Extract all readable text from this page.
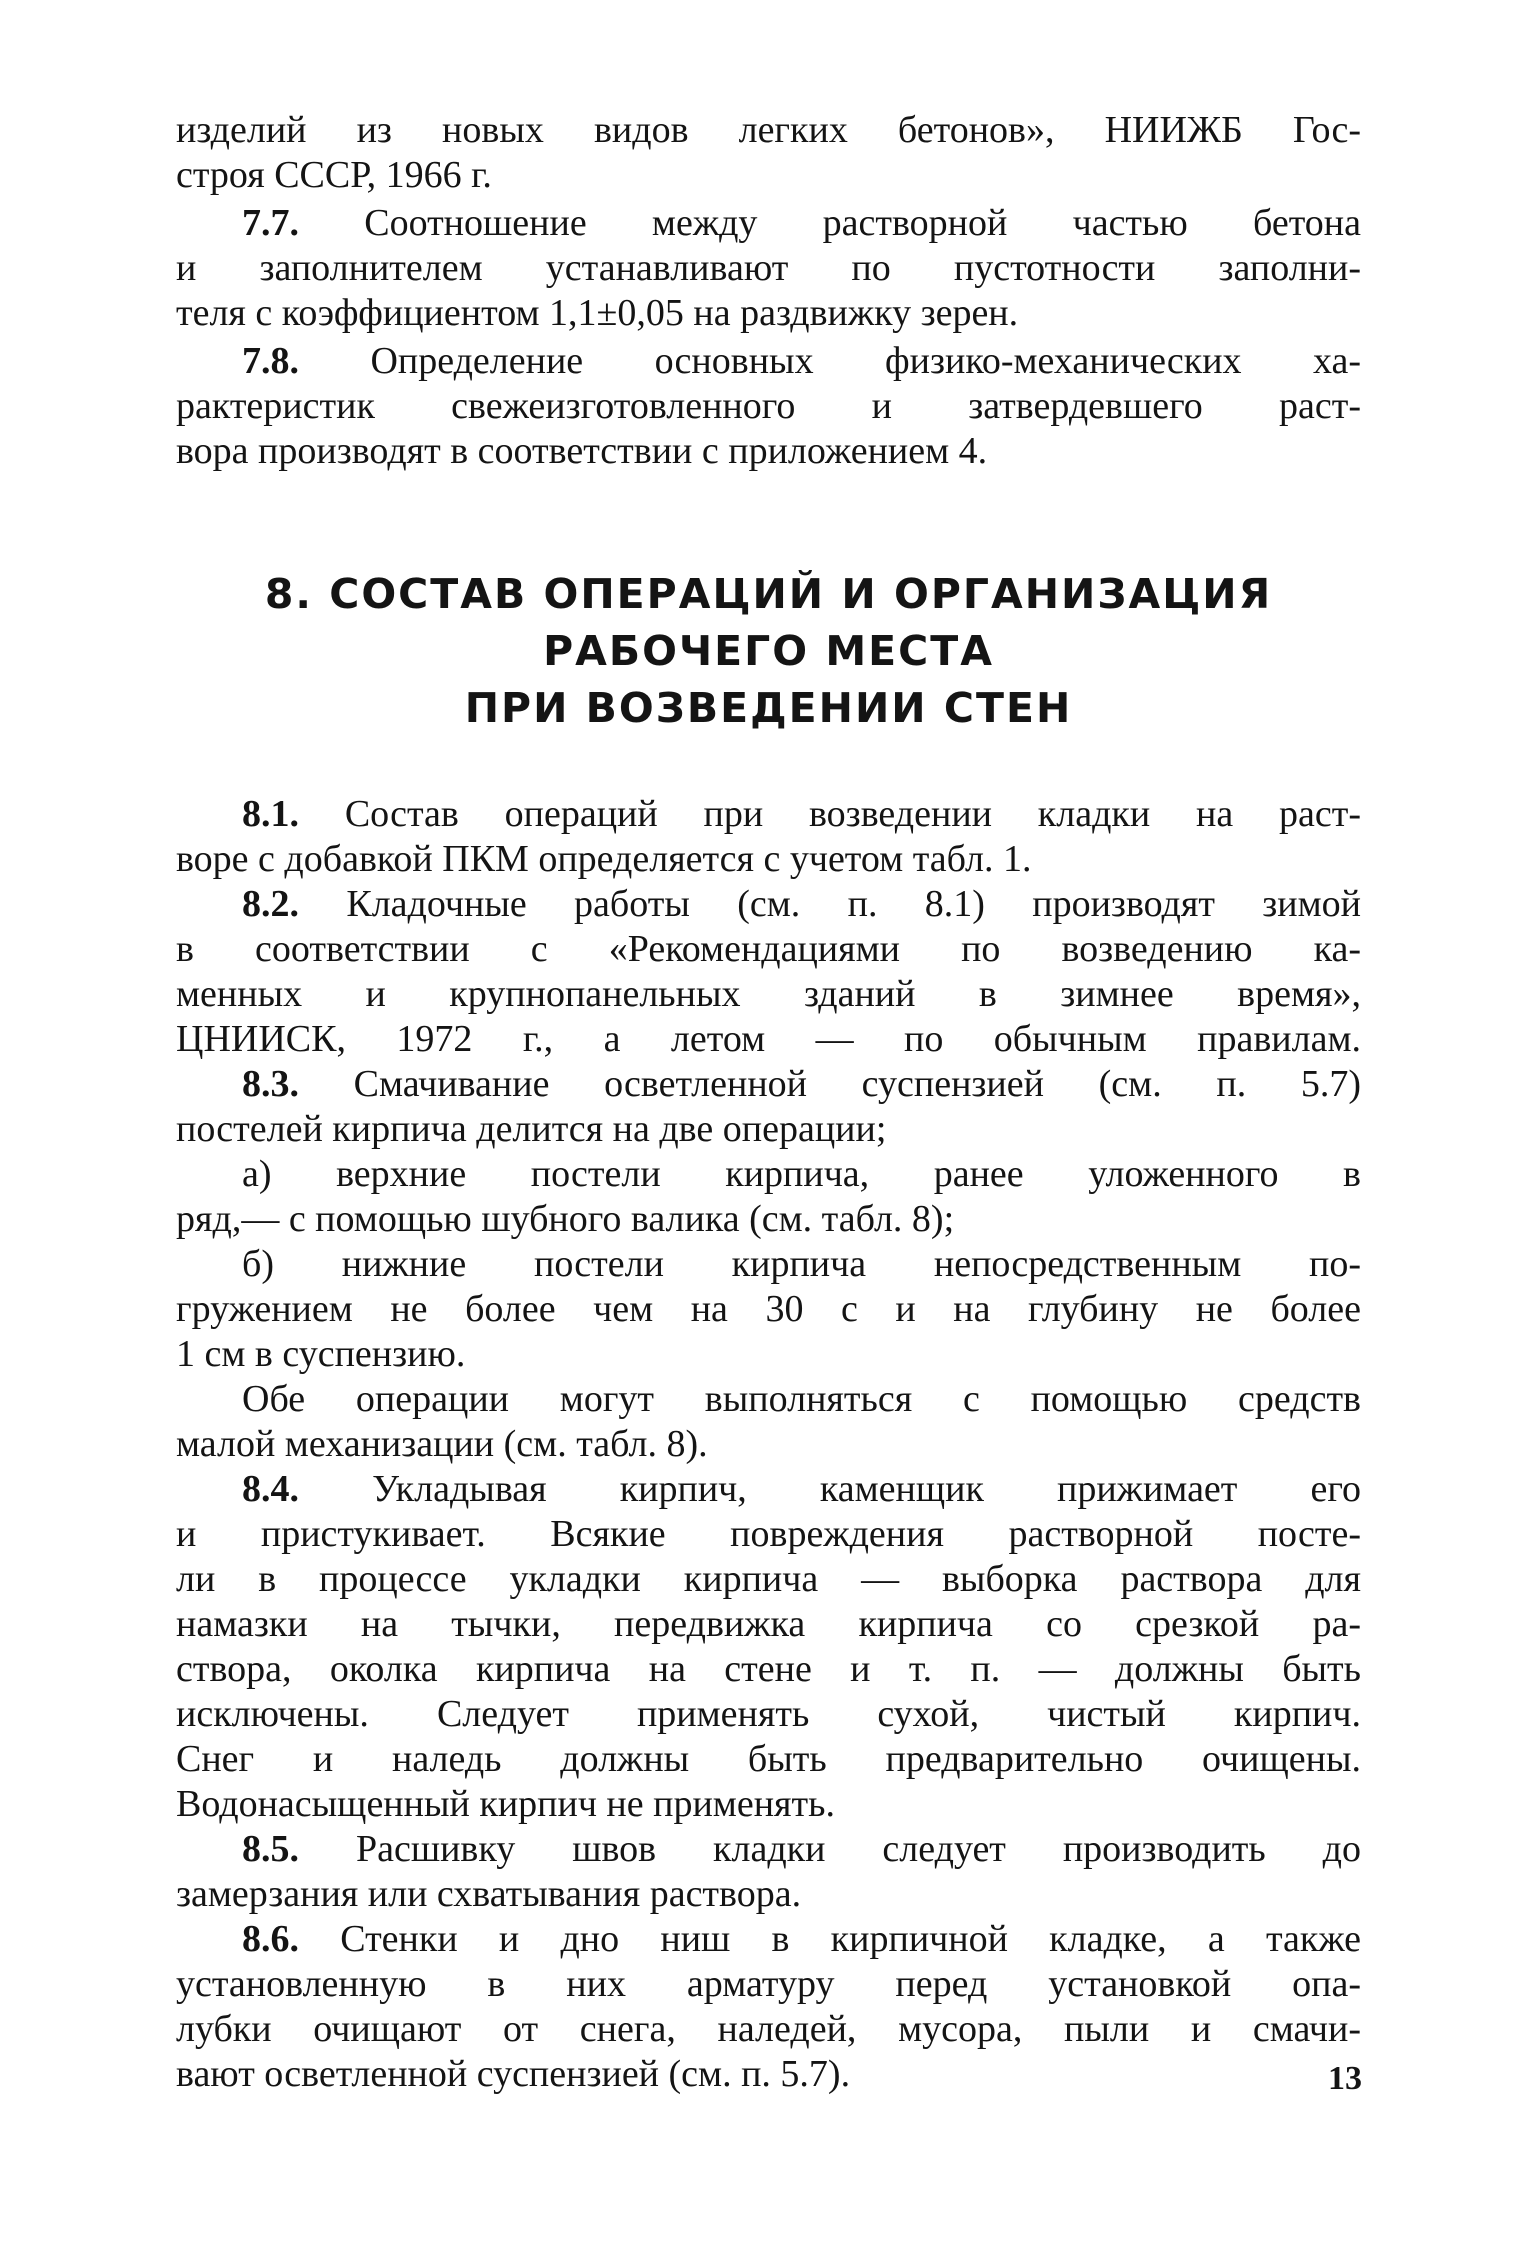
изделий из новых видов легких бетонов», НИИЖБ Гос-
строя СССР, 1966 г.
7.7. Соотношение между растворной частью бетона
и заполнителем устанавливают по пустотности заполни-
теля с коэффициентом 1,1±0,05 на раздвижку зерен.
7.8. Определение основных физико-механических ха-
рактеристик свежеизготовленного и затвердевшего раст-
вора производят в соответствии с приложением 4.
8. СОСТАВ ОПЕРАЦИЙ И ОРГАНИЗАЦИЯ
РАБОЧЕГО МЕСТА
ПРИ ВОЗВЕДЕНИИ СТЕН
8.1. Состав операций при возведении кладки на раст-
воре с добавкой ПКМ определяется с учетом табл. 1.
8.2. Кладочные работы (см. п. 8.1) производят зимой
в соответствии с «Рекомендациями по возведению ка-
менных и крупнопанельных зданий в зимнее время»,
ЦНИИСК, 1972 г., а летом — по обычным правилам.
8.3. Смачивание осветленной суспензией (см. п. 5.7)
постелей кирпича делится на две операции;
а) верхние постели кирпича, ранее уложенного в
ряд,— с помощью шубного валика (см. табл. 8);
б) нижние постели кирпича непосредственным по-
гружением не более чем на 30 с и на глубину не более
1 см в суспензию.
Обе операции могут выполняться с помощью средств
малой механизации (см. табл. 8).
8.4. Укладывая кирпич, каменщик прижимает его
и пристукивает. Всякие повреждения растворной посте-
ли в процессе укладки кирпича — выборка раствора для
намазки на тычки, передвижка кирпича со срезкой ра-
створа, околка кирпича на стене и т. п. — должны быть
исключены. Следует применять сухой, чистый кирпич.
Снег и наледь должны быть предварительно очищены.
Водонасыщенный кирпич не применять.
8.5. Расшивку швов кладки следует производить до
замерзания или схватывания раствора.
8.6. Стенки и дно ниш в кирпичной кладке, а также
установленную в них арматуру перед установкой опа-
лубки очищают от снега, наледей, мусора, пыли и смачи-
вают осветленной суспензией (см. п. 5.7).	13
